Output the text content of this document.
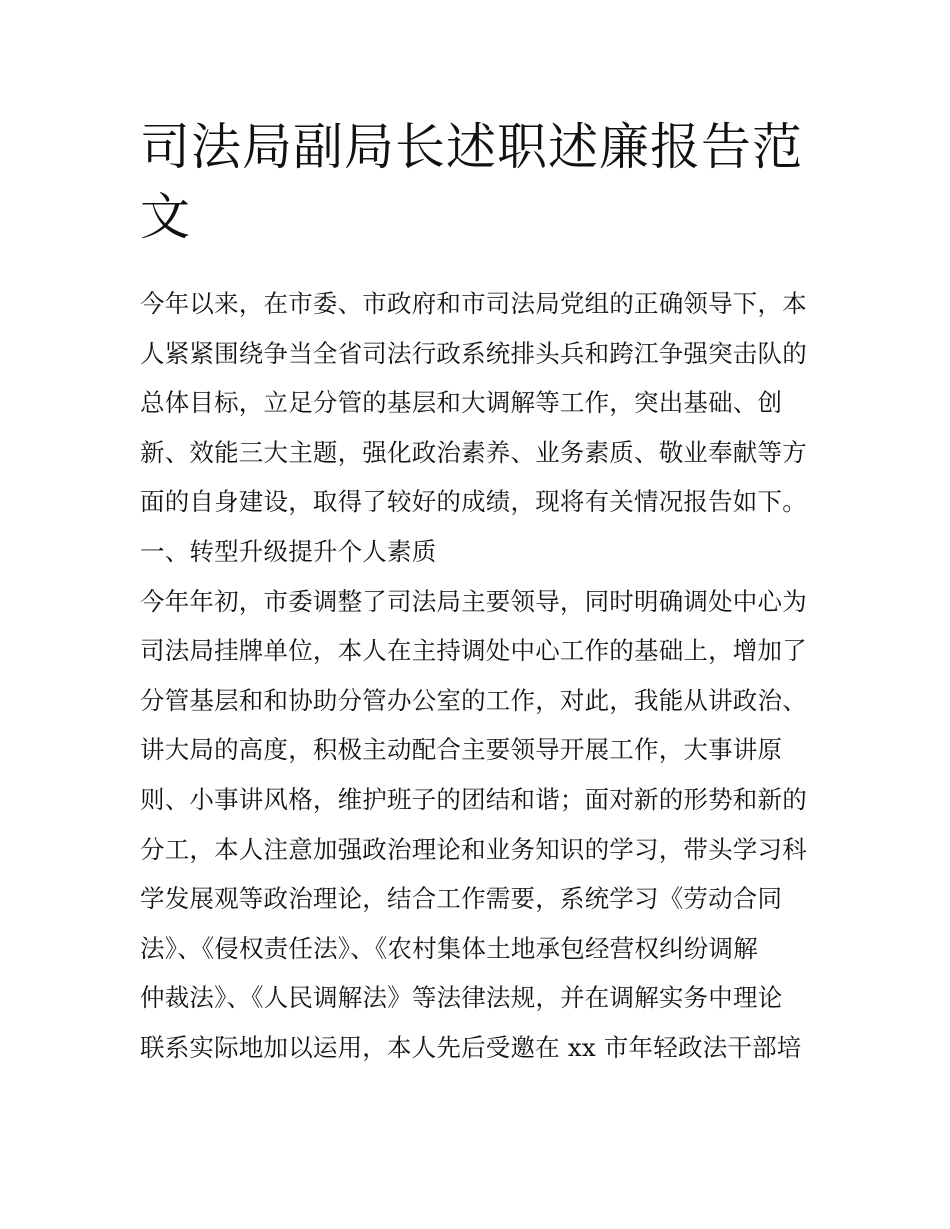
司法局副局长述职述廉报告范
文
今年以来，在市委、市政府和市司法局党组的正确领导下，本
人紧紧围绕争当全省司法行政系统排头兵和跨江争强突击队的
总体目标，立足分管的基层和大调解等工作，突出基础、创
新、效能三大主题，强化政治素养、业务素质、敬业奉献等方
面的自身建设，取得了较好的成绩，现将有关情况报告如下。
一、转型升级提升个人素质
今年年初，市委调整了司法局主要领导，同时明确调处中心为
司法局挂牌单位，本人在主持调处中心工作的基础上，增加了
分管基层和和协助分管办公室的工作，对此，我能从讲政治、
讲大局的高度，积极主动配合主要领导开展工作，大事讲原
则、小事讲风格，维护班子的团结和谐；面对新的形势和新的
分工，本人注意加强政治理论和业务知识的学习，带头学习科
学发展观等政治理论，结合工作需要，系统学习《劳动合同
法》、《侵权责任法》、《农村集体土地承包经营权纠纷调解
仲裁法》、《人民调解法》等法律法规，并在调解实务中理论
联系实际地加以运用，本人先后受邀在 xx 市年轻政法干部培
